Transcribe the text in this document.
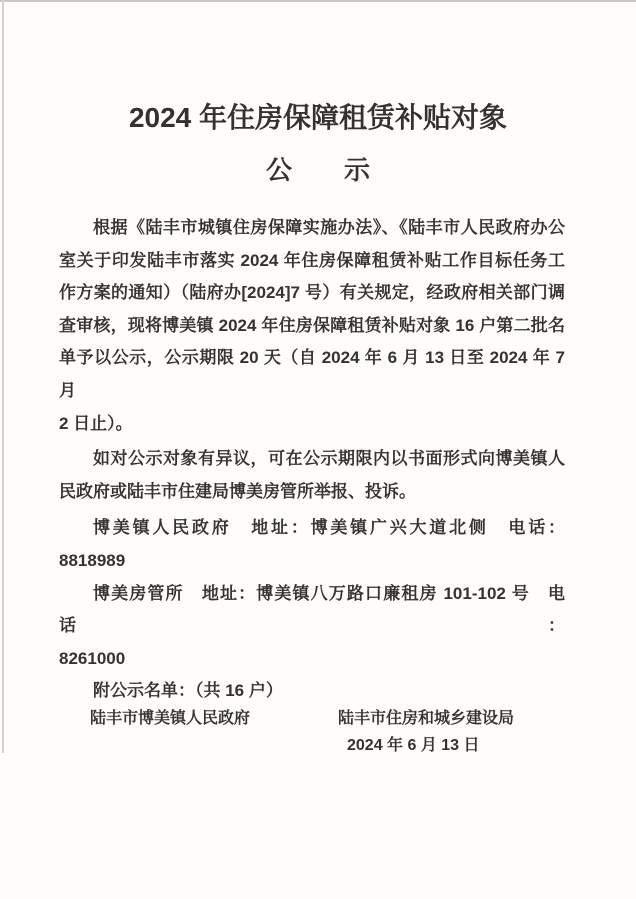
2024 年住房保障租赁补贴对象
公　　示
根据《陆丰市城镇住房保障实施办法》、《陆丰市人民政府办公
室关于印发陆丰市落实 2024 年住房保障租赁补贴工作目标任务工
作方案的通知）（陆府办[2024]7 号）有关规定，经政府相关部门调
查审核，现将博美镇 2024 年住房保障租赁补贴对象 16 户第二批名
单予以公示，公示期限 20 天（自 2024 年 6 月 13 日至 2024 年 7 月
2 日止）。
如对公示对象有异议，可在公示期限内以书面形式向博美镇人
民政府或陆丰市住建局博美房管所举报、投诉。
博美镇人民政府　地址：博美镇广兴大道北侧　电话：
8818989
博美房管所　地址：博美镇八万路口廉租房 101-102 号　电话：
8261000
附公示名单：（共 16 户）
陆丰市博美镇人民政府	陆丰市住房和城乡建设局
2024 年 6 月 13 日
